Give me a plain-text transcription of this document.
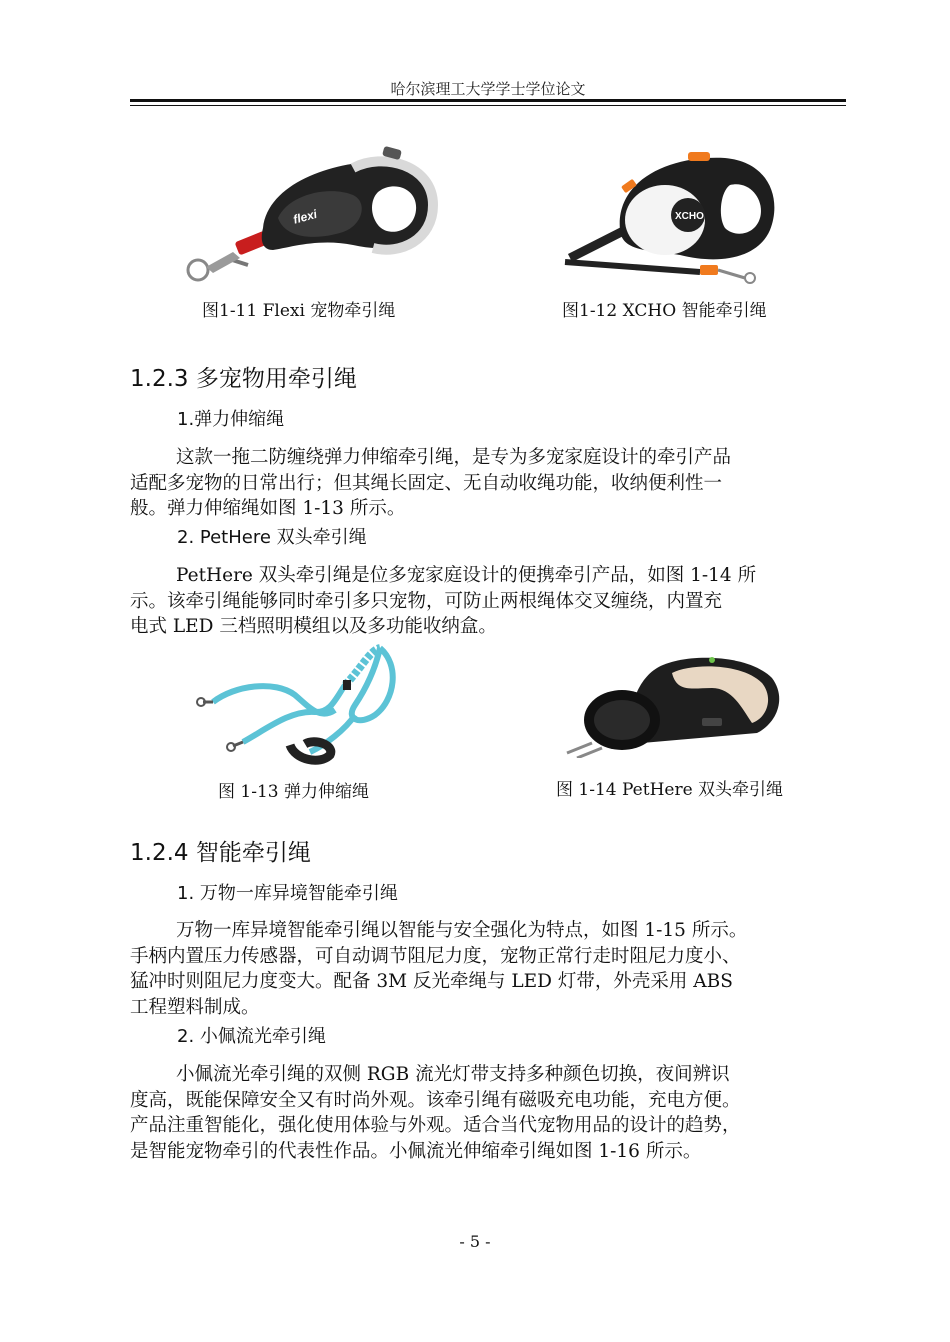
哈尔滨理工大学学士学位论文
flexi
图1-11 Flexi 宠物牵引绳
XCHO
图1-12 XCHO 智能牵引绳
1.2.3 多宠物用牵引绳
1.弹力伸缩绳
这款一拖二防缠绕弹力伸缩牵引绳，是专为多宠家庭设计的牵引产品
适配多宠物的日常出行；但其绳长固定、无自动收绳功能，收纳便利性一
般。弹力伸缩绳如图 1-13 所示。
2. PetHere 双头牵引绳
PetHere 双头牵引绳是位多宠家庭设计的便携牵引产品，如图 1-14 所
示。该牵引绳能够同时牵引多只宠物，可防止两根绳体交叉缠绕，内置充
电式 LED 三档照明模组以及多功能收纳盒。
图 1-13 弹力伸缩绳	图 1-14 PetHere 双头牵引绳
1.2.4 智能牵引绳
1. 万物一库异境智能牵引绳
万物一库异境智能牵引绳以智能与安全强化为特点，如图 1-15 所示。
手柄内置压力传感器，可自动调节阻尼力度，宠物正常行走时阻尼力度小、
猛冲时则阻尼力度变大。配备 3M 反光牵绳与 LED 灯带，外壳采用 ABS
工程塑料制成。
2. 小佩流光牵引绳
小佩流光牵引绳的双侧 RGB 流光灯带支持多种颜色切换，夜间辨识
度高，既能保障安全又有时尚外观。该牵引绳有磁吸充电功能，充电方便。
产品注重智能化，强化使用体验与外观。适合当代宠物用品的设计的趋势，
是智能宠物牵引的代表性作品。小佩流光伸缩牵引绳如图 1-16 所示。
- 5 -
